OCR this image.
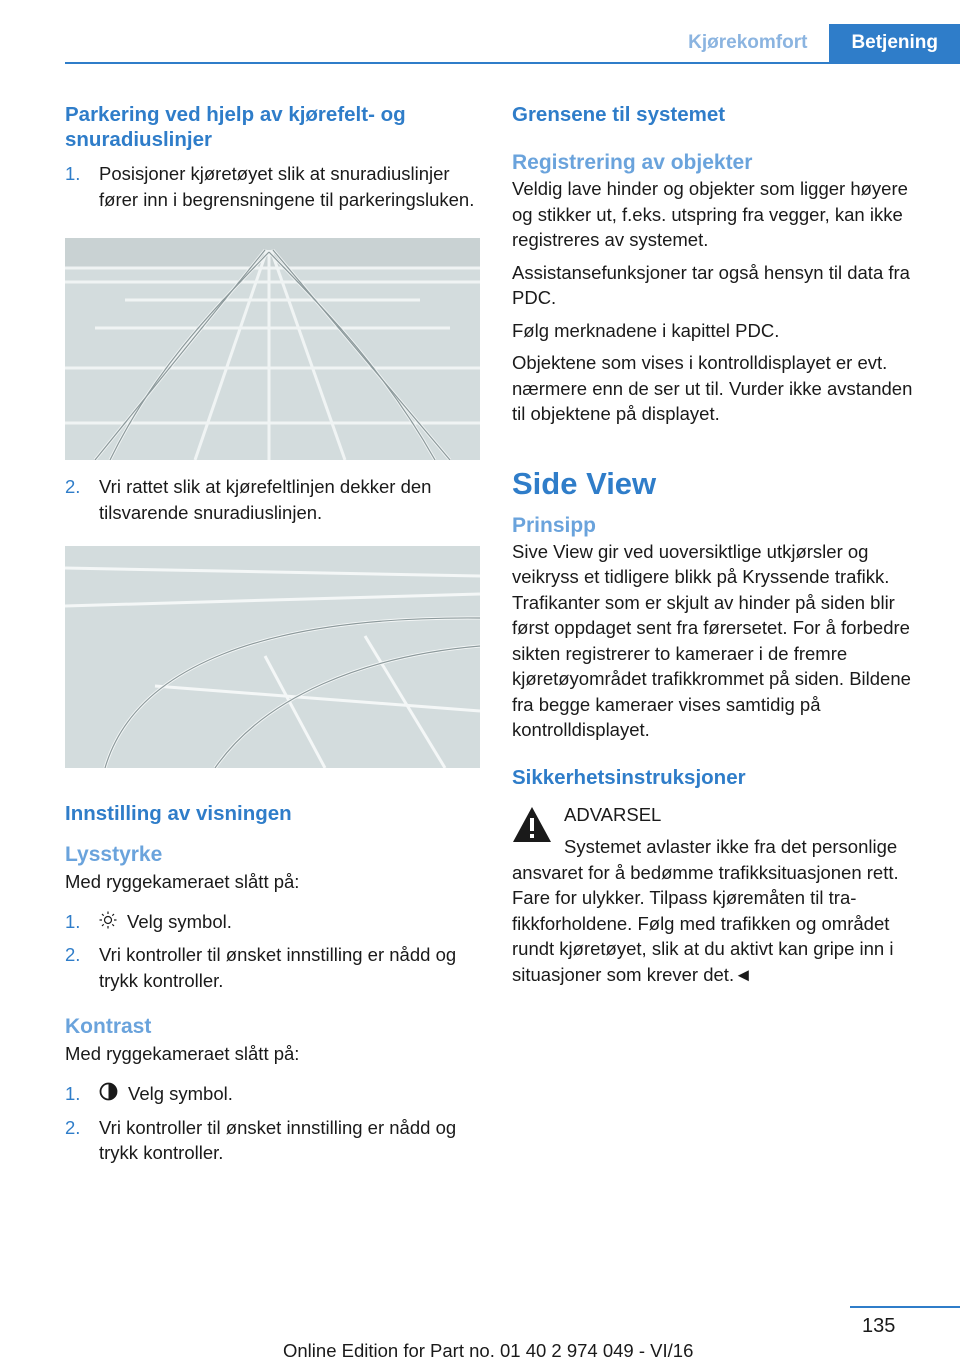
Kjørekomfort	Betjening
Parkering ved hjelp av kjørefelt- og snuradiuslinjer
1.	Posisjoner kjøretøyet slik at snuradiuslinjer fører inn i begrensningene til parkeringsluken.
2.	Vri rattet slik at kjørefeltlinjen dekker den tilsvarende snuradiuslinjen.
Innstilling av visningen
Lysstyrke

Med ryggekameraet slått på:

1.	Velg symbol.
2.	Vri kontroller til ønsket innstilling er nådd og trykk kontroller.
Kontrast

Med ryggekameraet slått på:

1.	Velg symbol.
2.	Vri kontroller til ønsket innstilling er nådd og trykk kontroller.
Grensene til systemet
Registrering av objekter

Veldig lave hinder og objekter som ligger høyere og stikker ut, f.eks. utspring fra vegger, kan ikke registreres av systemet.

Assistansefunksjoner tar også hensyn til data fra PDC.

Følg merknadene i kapittel PDC.

Objektene som vises i kontrolldisplayet er evt. nærmere enn de ser ut til. Vurder ikke avstanden til objektene på displayet.

Side View
Prinsipp

Sive View gir ved uoversiktlige utkjørsler og veikryss et tidligere blikk på Kryssende trafikk. Trafikanter som er skjult av hinder på siden blir først oppdaget sent fra førersetet. For å forbedre sikten registrerer to kameraer i de fremre kjøretøyområdet trafikkrommet på siden. Bildene fra begge kameraer vises samtidig på kontrolldisplayet.

Sikkerhetsinstruksjoner

ADVARSEL

Systemet avlaster ikke fra det personlige

ansvaret for å bedømme trafikksituasjonen rett. Fare for ulykker. Tilpass kjøremåten til trafikkforholdene. Følg med trafikken og området rundt kjøretøyet, slik at du aktivt kan gripe inn i situasjoner som krever det.◄

135
Online Edition for Part no. 01 40 2 974 049 - VI/16
